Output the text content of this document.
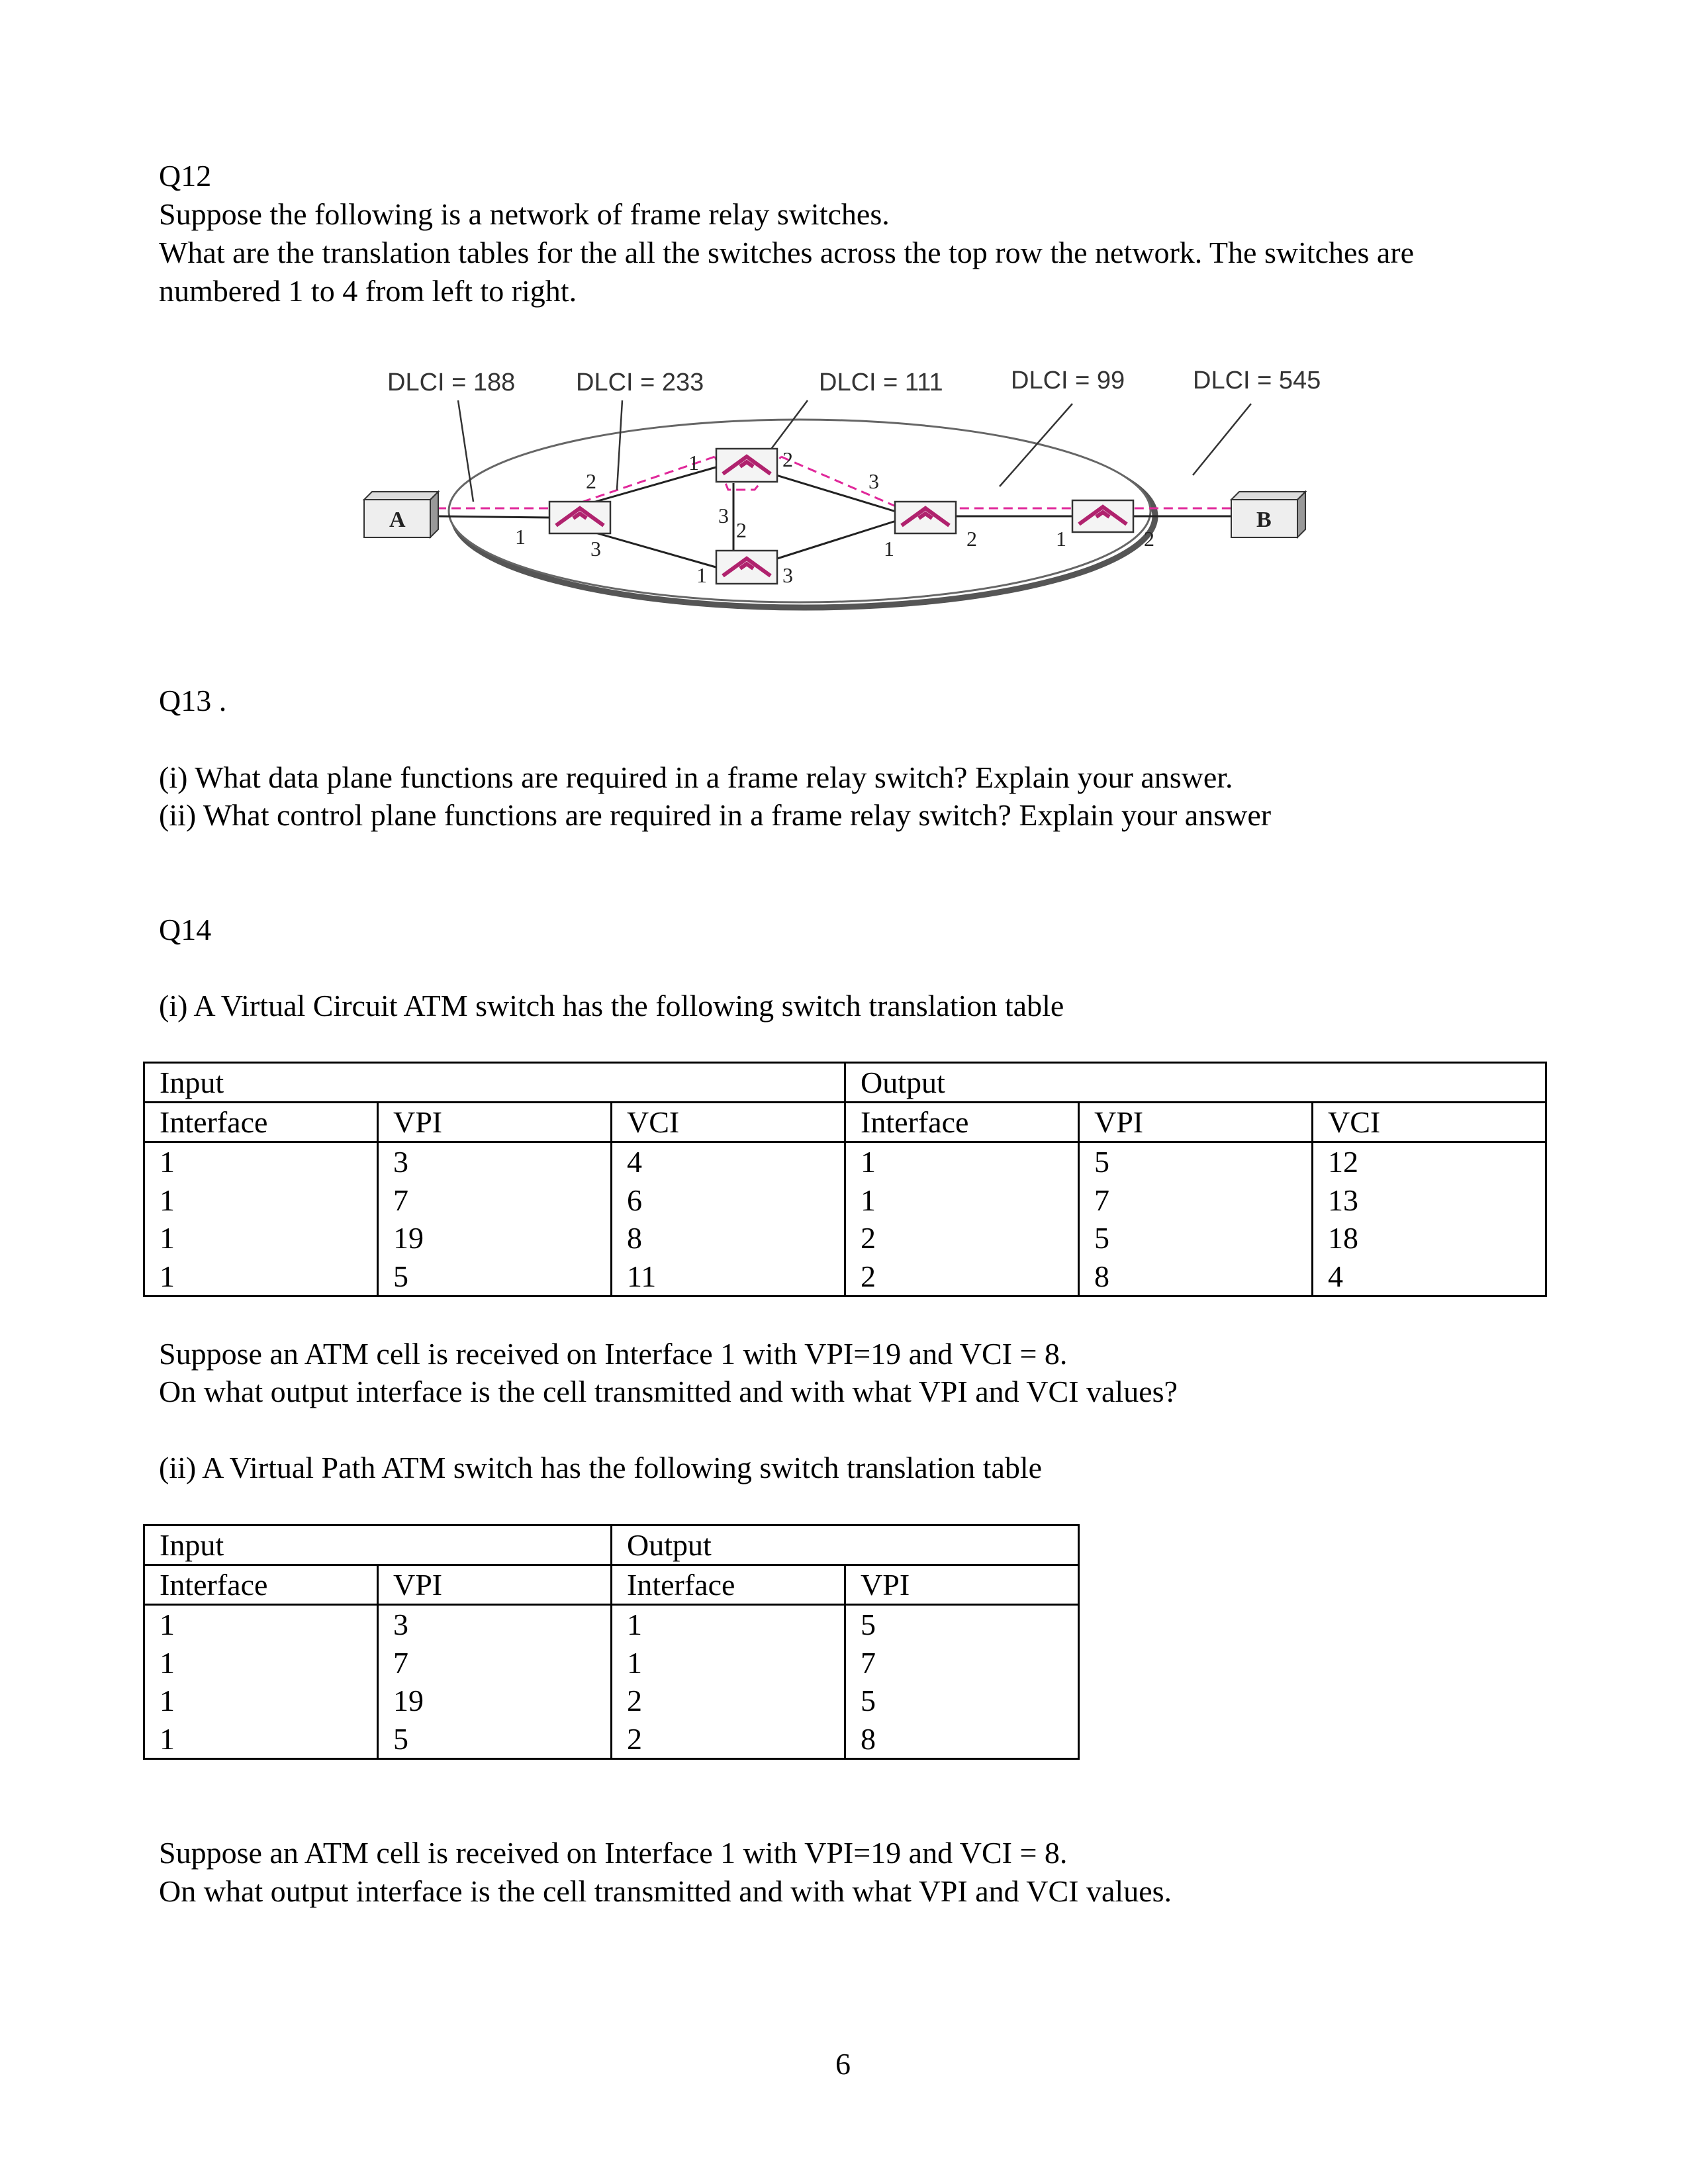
Q12
Suppose the following is a network of frame relay switches.
What are the translation tables for the all the switches across the top row the network. The switches are
numbered 1 to 4 from left to right.
DLCI = 188 DLCI = 233	DLCI = 111	DLCI = 99	DLCI = 545
A	B
1
2
3
1	2
3
2
1	3
1
3
2	1	2
Q13 .
(i) What data plane functions are required in a frame relay switch? Explain your answer.
(ii) What control plane functions are required in a frame relay switch? Explain your answer
Q14
(i) A Virtual Circuit ATM switch has the following switch translation table
Input			Output		
Interface	VPI	VCI	Interface	VPI	VCI
1	3	4	1	5	12
1	7	6	1	7	13
1	19	8	2	5	18
1	5	11	2	8	4
Suppose an ATM cell is received on Interface 1 with VPI=19 and VCI = 8.
On what output interface is the cell transmitted and with what VPI and VCI values?
(ii) A Virtual Path ATM switch has the following switch translation table
Input		Output	
Interface	VPI	Interface	VPI
1	3	1	5
1	7	1	7
1	19	2	5
1	5	2	8
Suppose an ATM cell is received on Interface 1 with VPI=19 and VCI = 8.
On what output interface is the cell transmitted and with what VPI and VCI values.
6
